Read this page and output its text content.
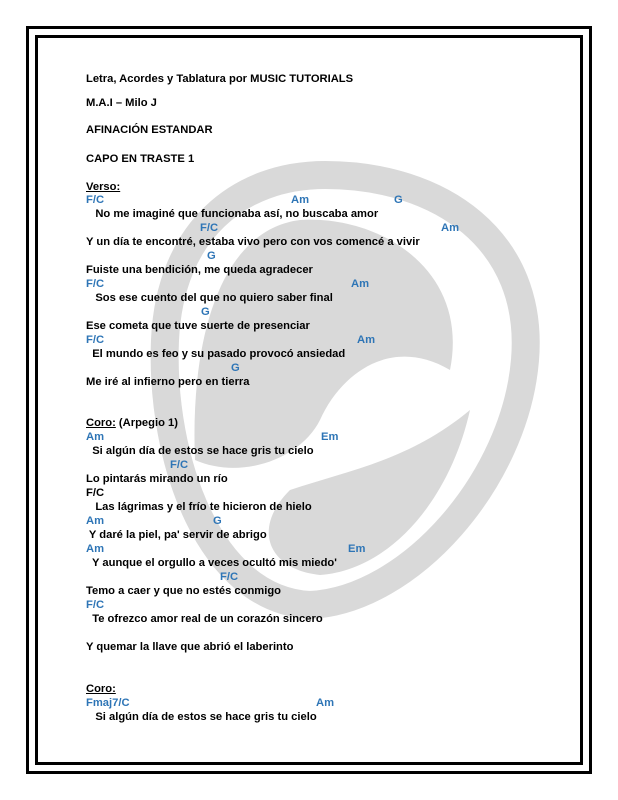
Letra, Acordes y Tablatura por MUSIC TUTORIALS
M.A.I – Milo J
AFINACIÓN ESTANDAR
CAPO EN TRASTE 1
Verso:
F/C	Am	G
No me imaginé que funcionaba así, no buscaba amor
F/C	Am
Y un día te encontré, estaba vivo pero con vos comencé a vivir
G
Fuiste una bendición, me queda agradecer
F/C	Am
Sos ese cuento del que no quiero saber final
G
Ese cometa que tuve suerte de presenciar
F/C	Am
El mundo es feo y su pasado provocó ansiedad
G
Me iré al infierno pero en tierra
Coro: (Arpegio 1)
Am	Em
Si algún día de estos se hace gris tu cielo
F/C
Lo pintarás mirando un río
F/C
Las lágrimas y el frío te hicieron de hielo
Am	G
Y daré la piel, pa' servir de abrigo
Am	Em
Y aunque el orgullo a veces ocultó mis miedo'
F/C
Temo a caer y que no estés conmigo
F/C
Te ofrezco amor real de un corazón sincero
Y quemar la llave que abrió el laberinto
Coro:
Fmaj7/C	Am
Si algún día de estos se hace gris tu cielo
